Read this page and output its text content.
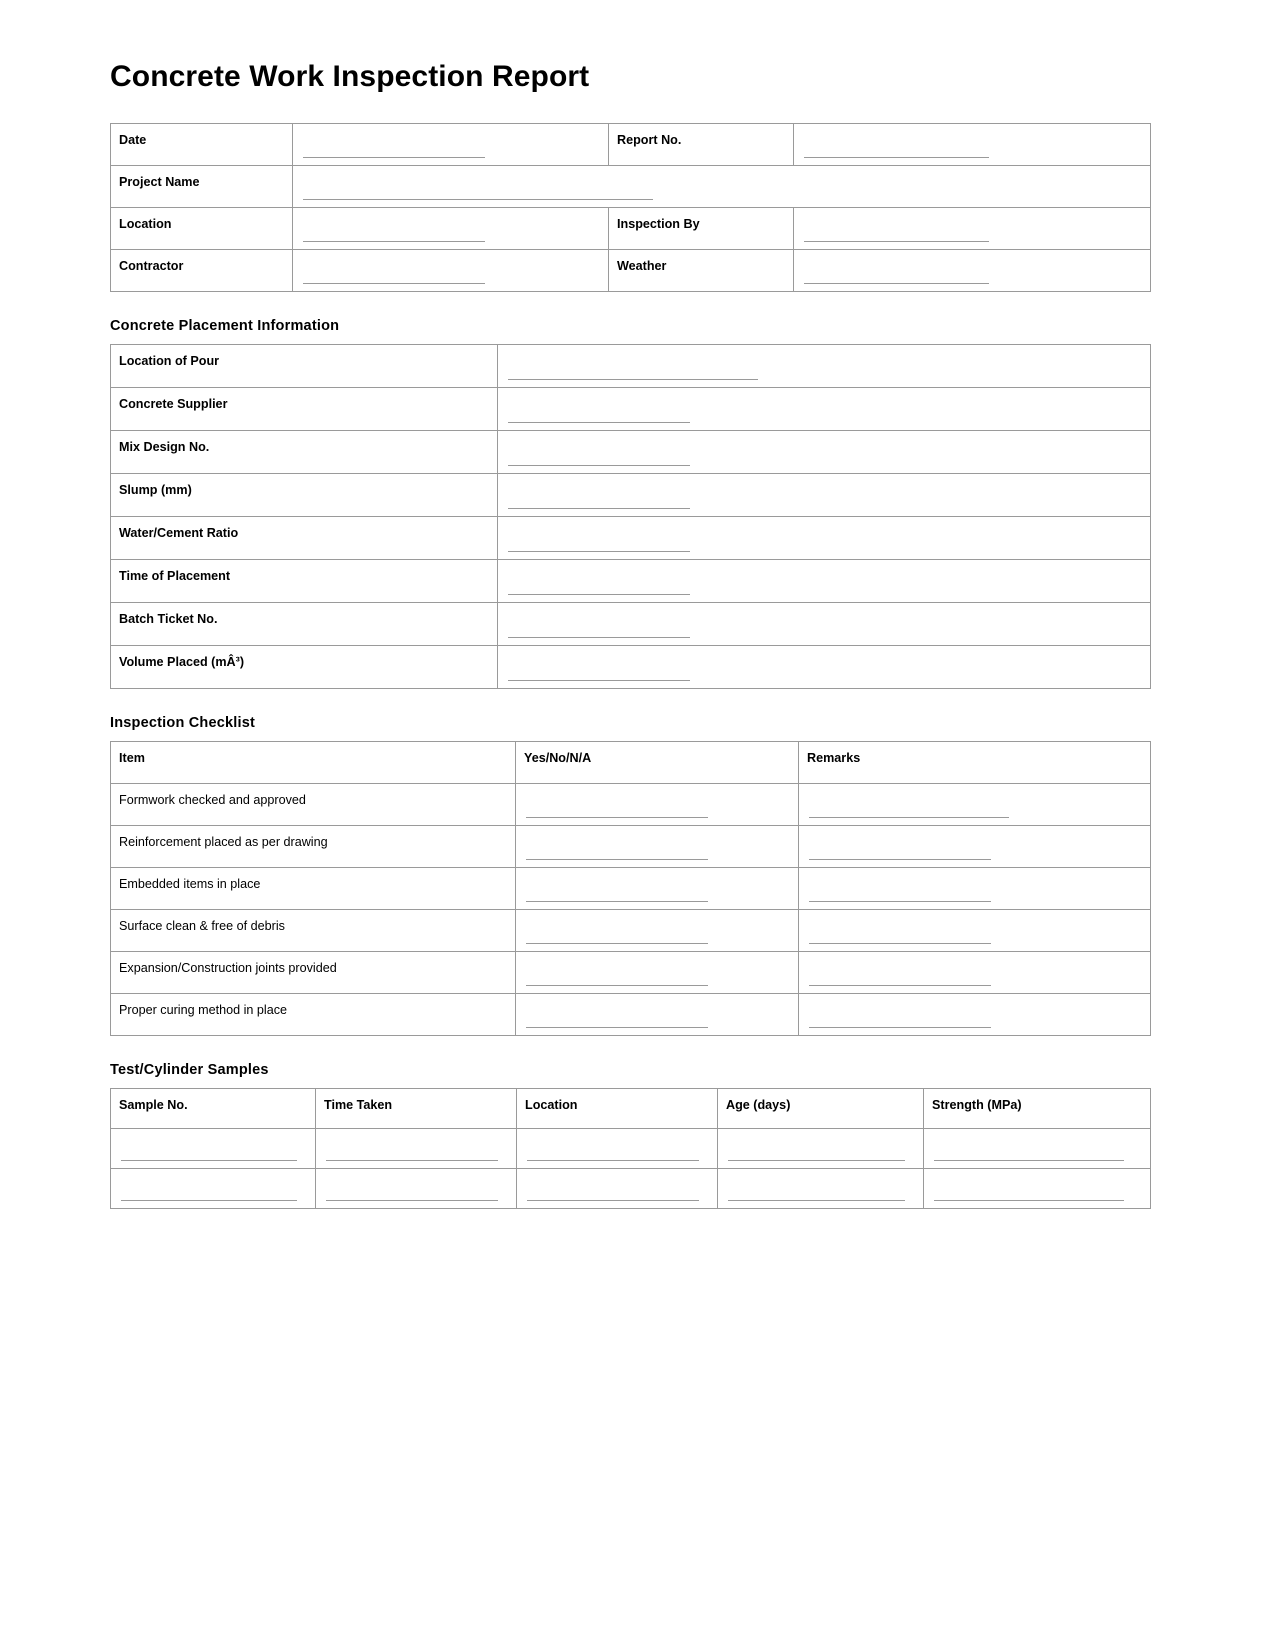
Concrete Work Inspection Report
Date		Report No.	

Project Name			

Location		Inspection By	

Contractor		Weather	
Concrete Placement Information
Location of Pour	

Concrete Supplier	

Mix Design No.	

Slump (mm)	

Water/Cement Ratio	

Time of Placement	

Batch Ticket No.	

Volume Placed (mÂ³)	
Inspection Checklist
Item	Yes/No/N/A	Remarks
Formwork checked and approved	

Reinforcement placed as per drawing	

Embedded items in place	

Surface clean & free of debris	

Expansion/Construction joints provided	

Proper curing method in place	

Test/Cylinder Samples
Sample No.	Time Taken	Location	Age (days)	Strength (MPa)
